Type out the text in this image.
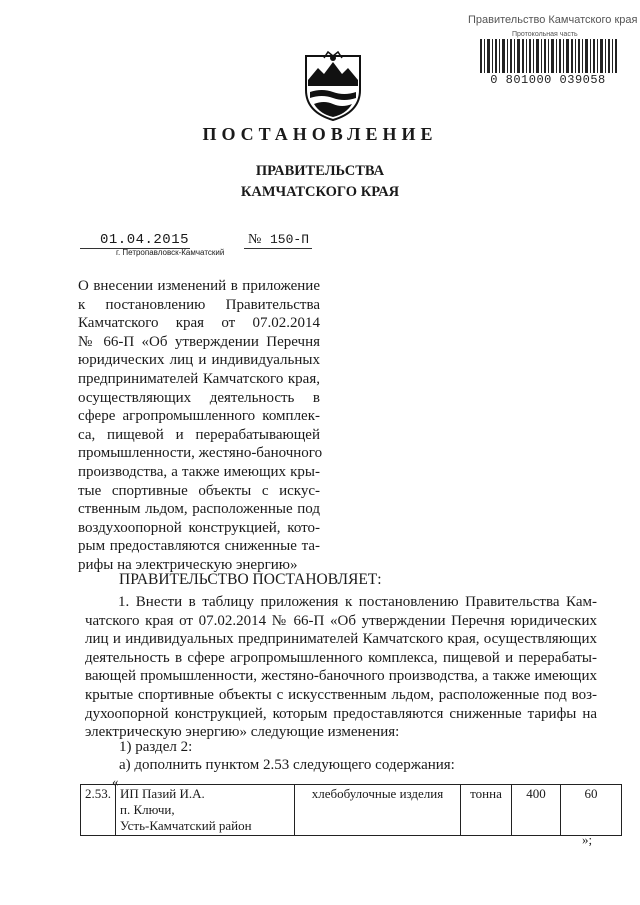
Правительство Камчатского края
Протокольная часть
0 801000 039058
ПОСТАНОВЛЕНИЕ
ПРАВИТЕЛЬСТВА
КАМЧАТСКОГО КРАЯ
01.04.2015	№ 150-П
г. Петропавловск-Камчатский
О внесении изменений в приложение
к постановлению Правительства
Камчатского края от 07.02.2014
№ 66-П «Об утверждении Перечня
юридических лиц и индивидуальных
предпринимателей Камчатского края,
осуществляющих деятельность в
сфере агропромышленного комплек-
са, пищевой и перерабатывающей
промышленности, жестяно-баночного
производства, а также имеющих кры-
тые спортивные объекты с искус-
ственным льдом, расположенные под
воздухоопорной конструкцией, кото-
рым предоставляются сниженные та-
рифы на электрическую энергию»
ПРАВИТЕЛЬСТВО ПОСТАНОВЛЯЕТ:
1. Внести в таблицу приложения к постановлению Правительства Кам-
чатского края от 07.02.2014 № 66-П «Об утверждении Перечня юридических
лиц и индивидуальных предпринимателей Камчатского края, осуществляющих
деятельность в сфере агропромышленного комплекса, пищевой и перерабаты-
вающей промышленности, жестяно-баночного производства, а также имеющих
крытые спортивные объекты с искусственным льдом, расположенные под воз-
духоопорной конструкцией, которым предоставляются сниженные тарифы на
электрическую энергию» следующие изменения:
1) раздел 2:
а) дополнить пунктом 2.53 следующего содержания:
«
2.53.	ИП Пазий И.А.
п. Ключи,
Усть-Камчатский район
	хлебобулочные изделия	тонна	400	60
»;
